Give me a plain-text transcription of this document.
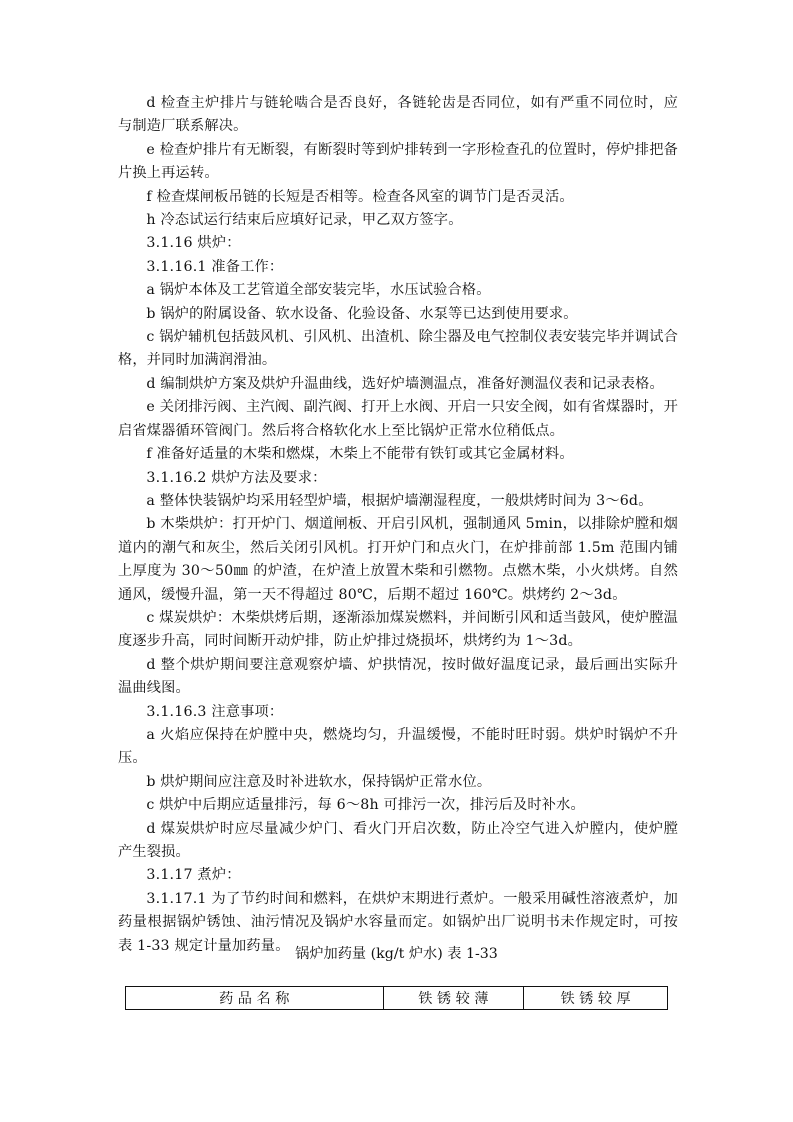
d 检查主炉排片与链轮啮合是否良好，各链轮齿是否同位，如有严重不同位时，应与制造厂联系解决。

e 检查炉排片有无断裂，有断裂时等到炉排转到一字形检查孔的位置时，停炉排把备片换上再运转。

f 检查煤闸板吊链的长短是否相等。检查各风室的调节门是否灵活。

h 冷态试运行结束后应填好记录，甲乙双方签字。

3.1.16 烘炉：

3.1.16.1 准备工作：

a 锅炉本体及工艺管道全部安装完毕，水压试验合格。

b 锅炉的附属设备、软水设备、化验设备、水泵等已达到使用要求。

c 锅炉辅机包括鼓风机、引风机、出渣机、除尘器及电气控制仪表安装完毕并调试合格，并同时加满润滑油。

d 编制烘炉方案及烘炉升温曲线，选好炉墙测温点，准备好测温仪表和记录表格。

e 关闭排污阀、主汽阀、副汽阀、打开上水阀、开启一只安全阀，如有省煤器时，开启省煤器循环管阀门。然后将合格软化水上至比锅炉正常水位稍低点。

f 准备好适量的木柴和燃煤，木柴上不能带有铁钉或其它金属材料。

3.1.16.2 烘炉方法及要求：

a 整体快装锅炉均采用轻型炉墙，根据炉墙潮湿程度，一般烘烤时间为 3～6d。

b 木柴烘炉：打开炉门、烟道闸板、开启引风机，强制通风 5min，以排除炉膛和烟道内的潮气和灰尘，然后关闭引风机。打开炉门和点火门，在炉排前部 1.5m 范围内铺上厚度为 30～50㎜ 的炉渣，在炉渣上放置木柴和引燃物。点燃木柴，小火烘烤。自然通风，缓慢升温，第一天不得超过 80℃，后期不超过 160℃。烘烤约 2～3d。

c 煤炭烘炉：木柴烘烤后期，逐渐添加煤炭燃料，并间断引风和适当鼓风，使炉膛温度逐步升高，同时间断开动炉排，防止炉排过烧损坏，烘烤约为 1～3d。

d 整个烘炉期间要注意观察炉墙、炉拱情况，按时做好温度记录，最后画出实际升温曲线图。

3.1.16.3 注意事项：

a 火焰应保持在炉膛中央，燃烧均匀，升温缓慢，不能时旺时弱。烘炉时锅炉不升压。

b 烘炉期间应注意及时补进软水，保持锅炉正常水位。

c 烘炉中后期应适量排污，每 6～8h 可排污一次，排污后及时补水。

d 煤炭烘炉时应尽量减少炉门、看火门开启次数，防止冷空气进入炉膛内，使炉膛产生裂损。

3.1.17 煮炉：

3.1.17.1 为了节约时间和燃料，在烘炉末期进行煮炉。一般采用碱性溶液煮炉，加药量根据锅炉锈蚀、油污情况及锅炉水容量而定。如锅炉出厂说明书未作规定时，可按表 1-33 规定计量加药量。

锅炉加药量 (kg/t 炉水) 表 1-33
药 品 名 称	铁 锈 较 薄	铁 锈 较 厚
